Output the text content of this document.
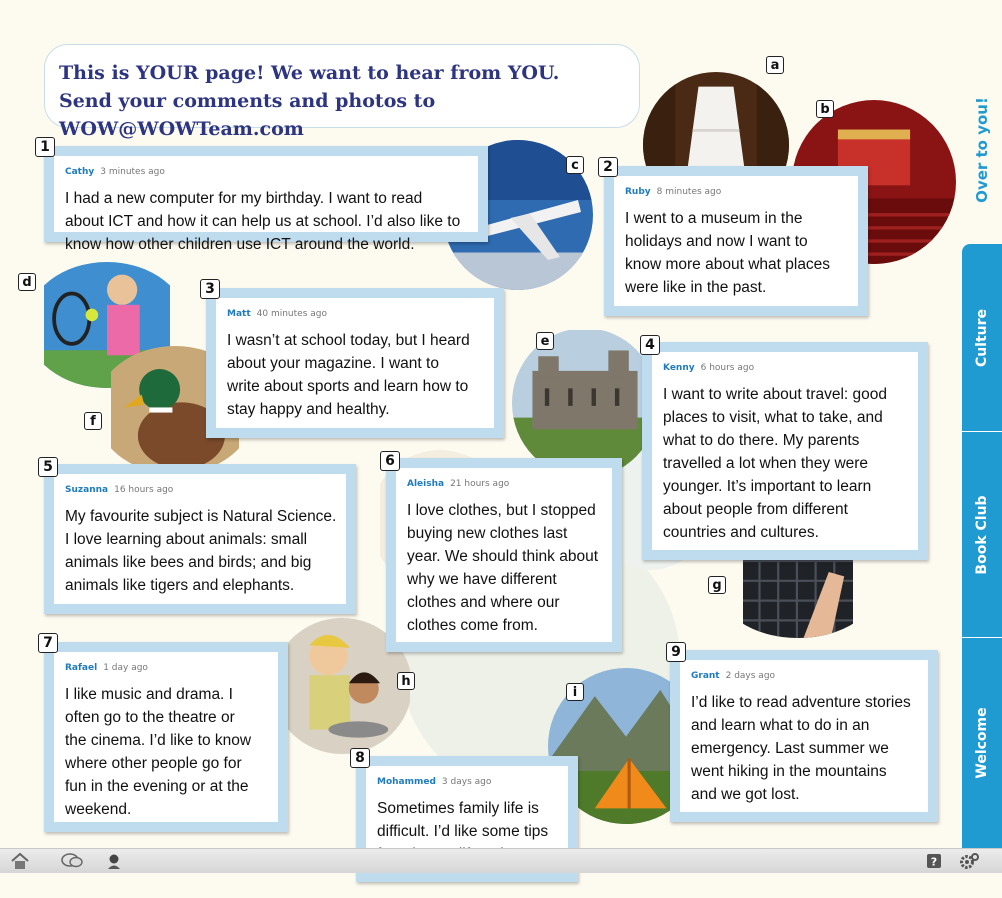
This is YOUR page! We want to hear from YOU.
Send your comments and photos to WOW@WOWTeam.com
a
b
c
d
e
f
g
h
i
Cathy 3 minutes ago
I had a new computer for my birthday. I want to read
about ICT and how it can help us at school. I’d also like to
know how other children use ICT around the world.
1
Ruby 8 minutes ago
I went to a museum in the
holidays and now I want to
know more about what places
were like in the past.
2
Matt 40 minutes ago
I wasn’t at school today, but I heard
about your magazine. I want to
write about sports and learn how to
stay happy and healthy.
3
Kenny 6 hours ago
I want to write about travel: good
places to visit, what to take, and
what to do there. My parents
travelled a lot when they were
younger. It’s important to learn
about people from different
countries and cultures.
4
Suzanna 16 hours ago
My favourite subject is Natural Science.
I love learning about animals: small
animals like bees and birds; and big
animals like tigers and elephants.
5
Aleisha 21 hours ago
I love clothes, but I stopped
buying new clothes last
year. We should think about
why we have different
clothes and where our
clothes come from.
6
Rafael 1 day ago
I like music and drama. I
often go to the theatre or
the cinema. I’d like to know
where other people go for
fun in the evening or at the
weekend.
7
Mohammed 3 days ago
Sometimes family life is
difficult. I’d like some tips

8
Grant 2 days ago
I’d like to read adventure stories
and learn what to do in an
emergency. Last summer we
went hiking in the mountains
and we got lost.
9
Over to you!
Culture
Book Club
Welcome
?
